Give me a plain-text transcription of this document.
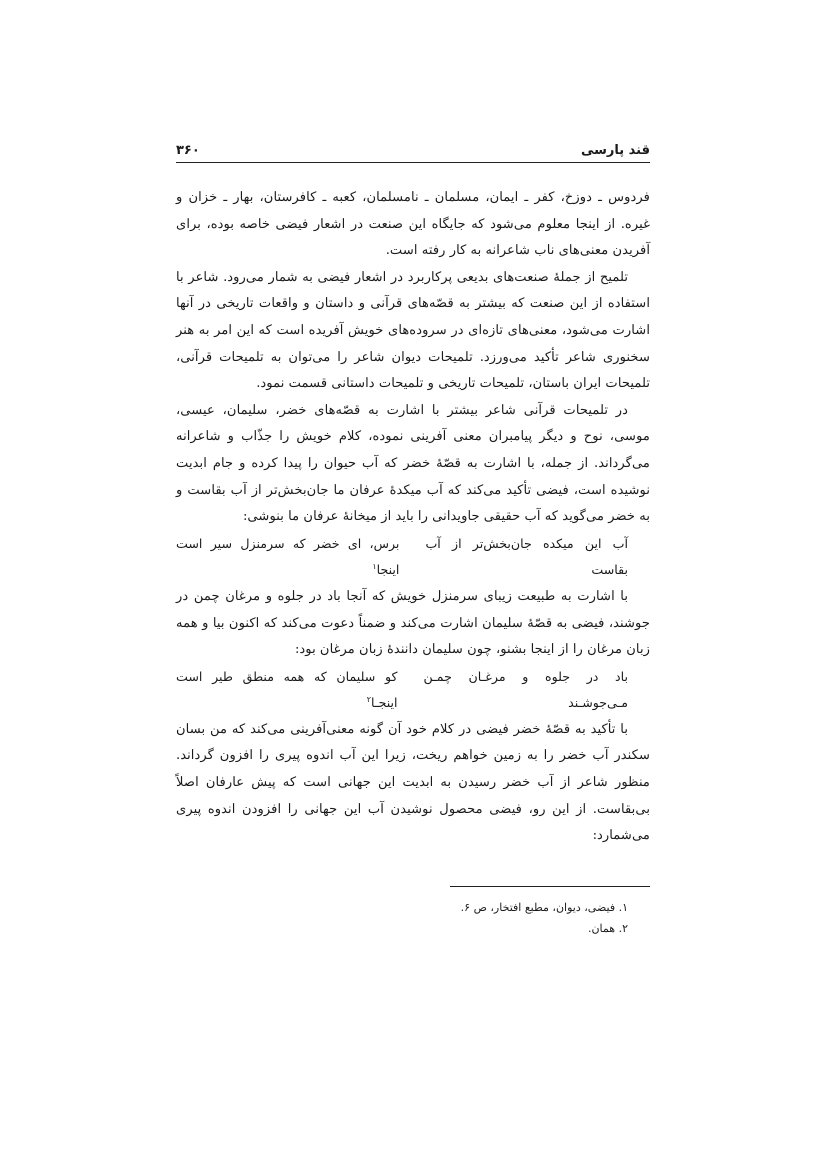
قند پارسی
۳۶۰

فردوس ـ دوزخ، کفر ـ ایمان، مسلمان ـ نامسلمان، کعبه ـ کافرستان، بهار ـ خزان و غیره. از اینجا معلوم می‌شود که جایگاه این صنعت در اشعار فیضی خاصه بوده، برای آفریدن معنی‌های ناب شاعرانه به کار رفته است.

تلمیح از جملهٔ صنعت‌های بدیعی پرکاربرد در اشعار فیضی به شمار می‌رود. شاعر با استفاده از این صنعت که بیشتر به قصّه‌های قرآنی و داستان و واقعات تاریخی در آنها اشارت می‌شود، معنی‌های تازه‌ای در سروده‌های خویش آفریده است که این امر به هنر سخنوری شاعر تأکید می‌ورزد. تلمیحات دیوان شاعر را می‌توان به تلمیحات قرآنی، تلمیحات ایران باستان، تلمیحات تاریخی و تلمیحات داستانی قسمت نمود.

در تلمیحات قرآنی شاعر بیشتر با اشارت به قصّه‌های خضر، سلیمان، عیسی، موسی، نوح و دیگر پیامبران معنی آفرینی نموده، کلام خویش را جذّاب و شاعرانه می‌گرداند. از جمله، با اشارت به قصّهٔ خضر که آب حیوان را پیدا کرده و جام ابدیت نوشیده است، فیضی تأکید می‌کند که آب میکدهٔ عرفان ما جان‌بخش‌تر از آب بقاست و به خضر می‌گوید که آب حقیقی جاویدانی را باید از میخانهٔ عرفان ما بنوشی:

آب این میکده جان‌بخش‌تر از آب بقاست
برس، ای خضر که سرمنزل سیر است اینجا$^۱$

با اشارت به طبیعت زیبای سرمنزل خویش که آنجا باد در جلوه و مرغان چمن در جوشند، فیضی به قصّهٔ سلیمان اشارت می‌کند و ضمناً دعوت می‌کند که اکنون بیا و همه زبان مرغان را از اینجا بشنو، چون سلیمان دانندهٔ زبان مرغان بود:

باد در جلوه و مرغـان چمـن مـی‌جوشـند
کو سلیمان که همه منطق طیر است اینجـا$^۲$

با تأکید به قصّهٔ خضر فیضی در کلام خود آن گونه معنی‌آفرینی می‌کند که من بسان سکندر آب خضر را به زمین خواهم ریخت، زیرا این آب اندوه پیری را افزون گرداند. منظور شاعر از آب خضر رسیدن به ابدیت این جهانی است که پیش عارفان اصلاً بی‌بقاست. از این رو، فیضی محصول نوشیدن آب این جهانی را افزودن اندوه پیری می‌شمارد:

۱. فیضی، دیوان، مطبع افتخار، ص ۶.
۲. همان.
